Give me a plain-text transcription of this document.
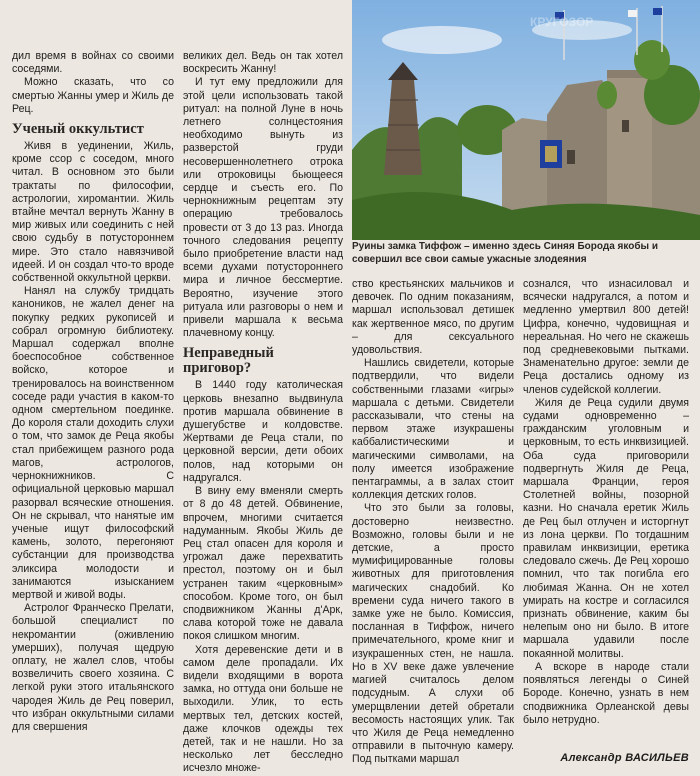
дил время в войнах со своими соседями.

Можно сказать, что со смертью Жанны умер и Жиль де Рец.

Ученый оккультист

Живя в уединении, Жиль, кроме ссор с соседом, много читал. В основном это были трактаты по философии, астрологии, хиромантии. Жиль втайне мечтал вернуть Жанну в мир живых или соединить с ней свою судьбу в потустороннем мире. Это стало навязчивой идеей. И он создал что-то вроде собственной оккультной церкви.

Нанял на службу тридцать каноников, не жалел денег на покупку редких рукописей и собрал огромную библиотеку. Маршал содержал вполне боеспособное собственное войско, которое и тренировалось на воинственном соседе ради участия в каком-то одном смертельном поединке. До короля стали доходить слухи о том, что замок де Реца якобы стал прибежищем разного рода магов, астрологов, чернокнижников. С официальной церковью маршал разорвал всяческие отношения. Он не скрывал, что нанятые им ученые ищут философский камень, золото, перегоняют субстанции для производства эликсира молодости и занимаются изысканием мертвой и живой воды.

Астролог Франческо Прелати, большой специалист по некромантии (оживлению умерших), получая щедрую оплату, не жалел слов, чтобы возвеличить своего хозяина. С легкой руки этого итальянского чародея Жиль де Рец поверил, что избран оккультными силами для свершения

великих дел. Ведь он так хотел воскресить Жанну!

И тут ему предложили для этой цели использовать такой ритуал: на полной Луне в ночь летнего солнцестояния необходимо вынуть из разверстой груди несовершеннолетнего отрока или отроковицы бьющееся сердце и съесть его. По чернокнижным рецептам эту операцию требовалось провести от 3 до 13 раз. Иногда точного следования рецепту было приобретение власти над всеми духами потустороннего мира и личное бессмертие. Вероятно, изучение этого ритуала или разговоры о нем и привели маршала к весьма плачевному концу.

Неправедный приговор?

В 1440 году католическая церковь внезапно выдвинула против маршала обвинение в душегубстве и колдовстве. Жертвами де Реца стали, по церковной версии, дети обоих полов, над которыми он надругался.

В вину ему вменяли смерть от 8 до 48 детей. Обвинение, впрочем, многими считается надуманным. Якобы Жиль де Рец стал опасен для короля и угрожал даже перехватить престол, поэтому он и был устранен таким «церковным» способом. Кроме того, он был сподвижником Жанны д'Арк, слава которой тоже не давала покоя слишком многим.

Хотя деревенские дети и в самом деле пропадали. Их видели входящими в ворота замка, но оттуда они больше не выходили. Улик, то есть мертвых тел, детских костей, даже клочков одежды тех детей, так и не нашли. Но за несколько лет бесследно исчезло множе-

КРУГОЗОР
Руины замка Тиффож – именно здесь Синяя Борода якобы и совершил все свои самые ужасные злодеяния

ство крестьянских мальчиков и девочек. По одним показаниям, маршал использовал детишек как жертвенное мясо, по другим – для сексуального удовольствия.

Нашлись свидетели, которые подтвердили, что видели собственными глазами «игры» маршала с детьми. Свидетели рассказывали, что стены на первом этаже изукрашены каббалистическими и магическими символами, на полу имеется изображение пентаграммы, а в залах стоит коллекция детских голов.

Что это были за головы, достоверно неизвестно. Возможно, головы были и не детские, а просто мумифицированные головы животных для приготовления магических снадобий. Ко времени суда ничего такого в замке уже не было. Комиссия, посланная в Тиффож, ничего примечательного, кроме книг и изукрашенных стен, не нашла. Но в XV веке даже увлечение магией считалось делом подсудным. А слухи об умерщвлении детей обретали весомость настоящих улик. Так что Жиля де Реца немедленно отправили в пыточную камеру. Под пытками маршал

сознался, что изнасиловал и всячески надругался, а потом и медленно умертвил 800 детей! Цифра, конечно, чудовищная и нереальная. Но чего не скажешь под средневековыми пытками. Знаменательно другое: земли де Реца достались одному из членов судейской коллегии.

Жиля де Реца судили двумя судами одновременно – гражданским уголовным и церковным, то есть инквизицией. Оба суда приговорили подвергнуть Жиля де Реца, маршала Франции, героя Столетней войны, позорной казни. Но сначала еретик Жиль де Рец был отлучен и исторгнут из лона церкви. По тогдашним правилам инквизиции, еретика следовало сжечь. Де Рец хорошо помнил, что так погибла его любимая Жанна. Он не хотел умирать на костре и согласился признать обвинение, каким бы нелепым оно ни было. В итоге маршала удавили после покаянной молитвы.

А вскоре в народе стали появляться легенды о Синей Бороде. Конечно, узнать в нем сподвижника Орлеанской девы было нетрудно.

Александр ВАСИЛЬЕВ
